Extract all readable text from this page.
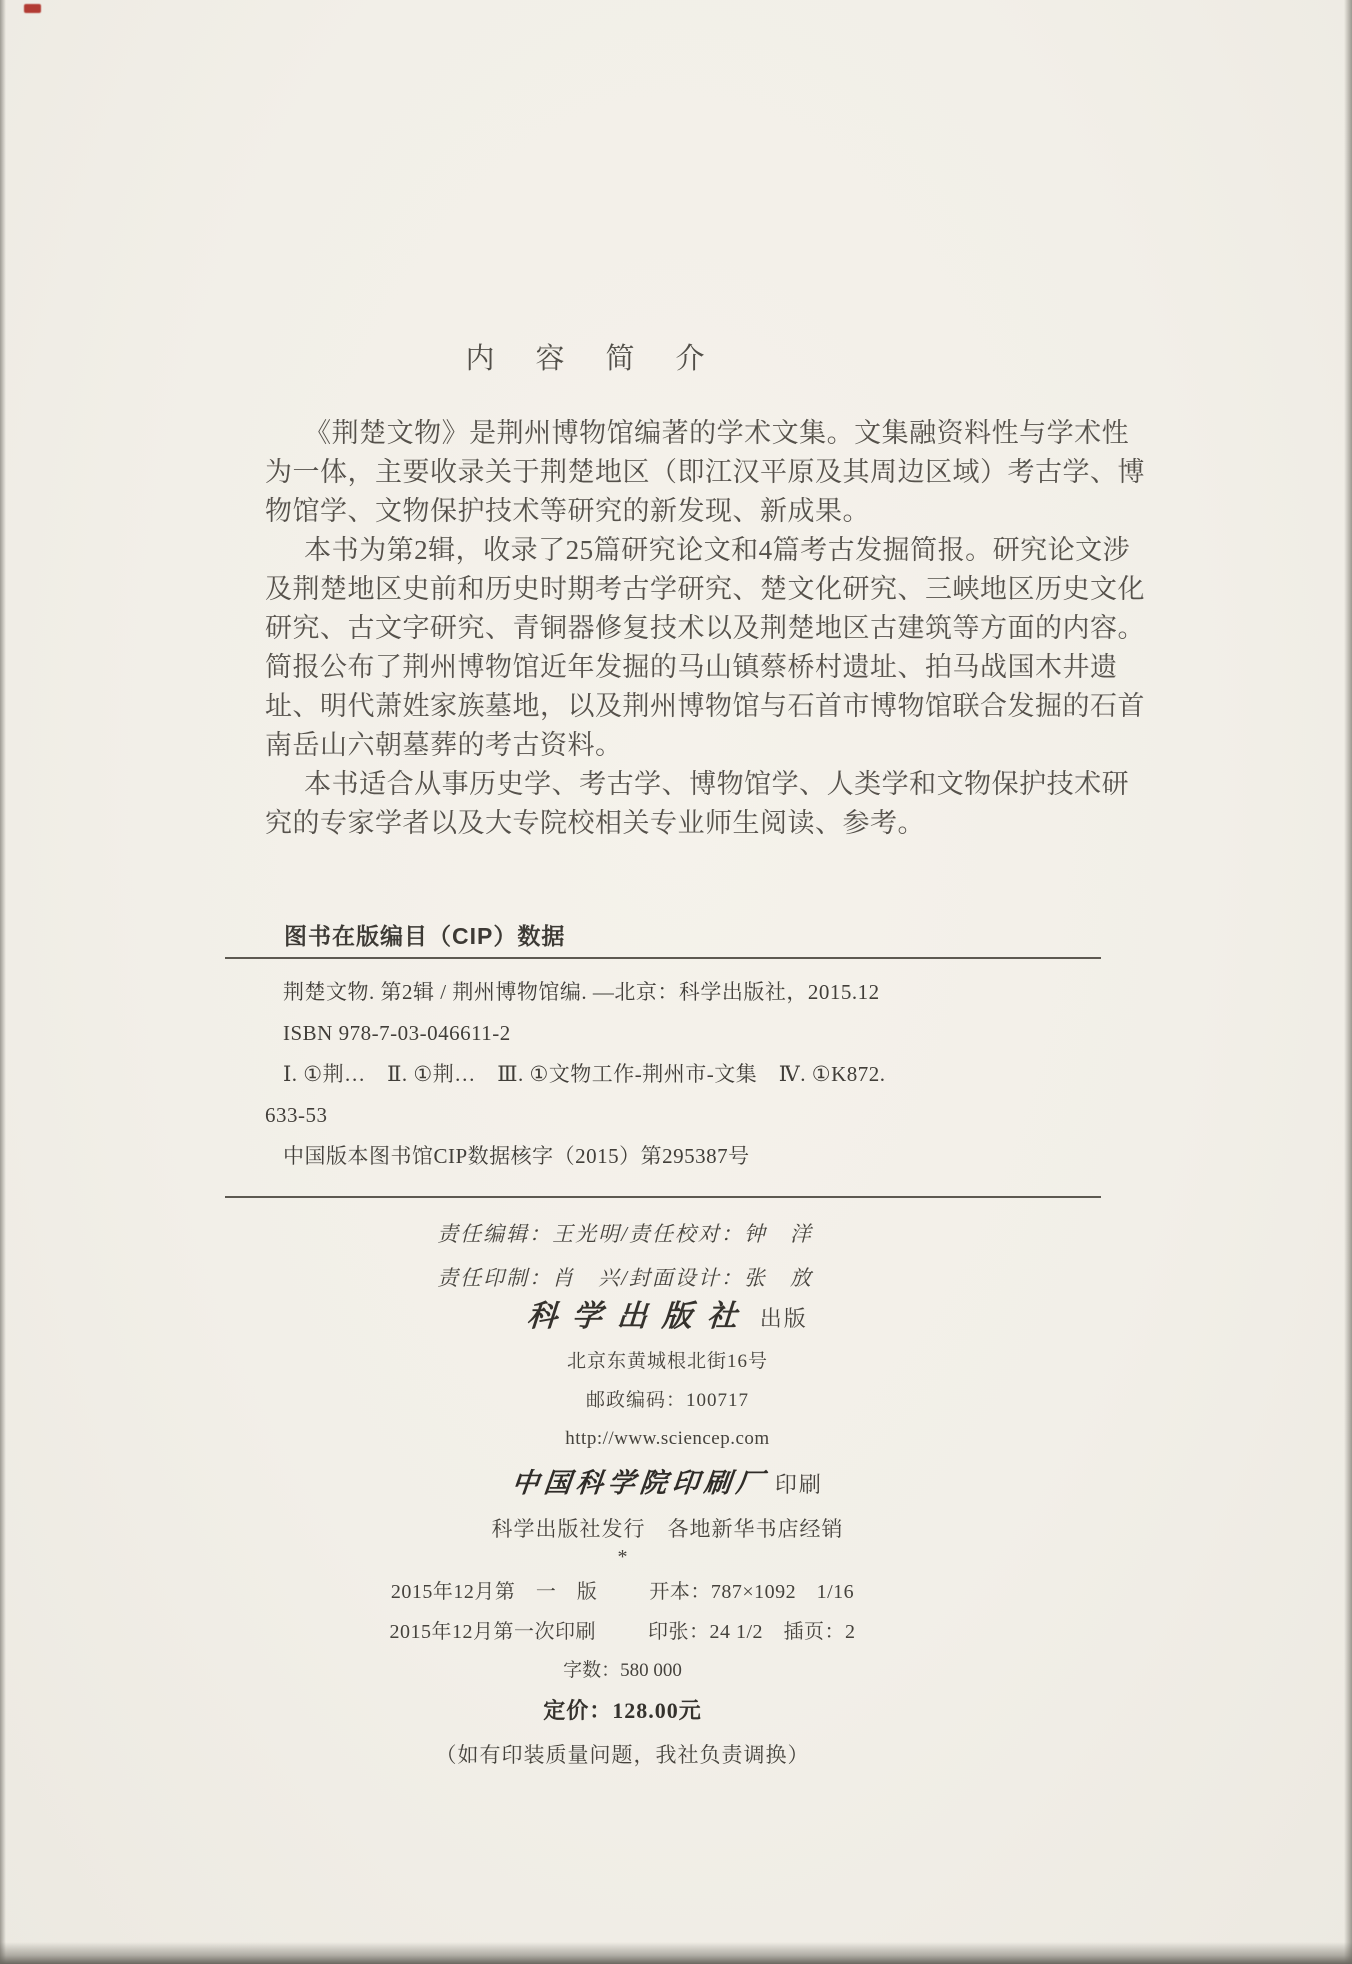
内　容　简　介
《荆楚文物》是荆州博物馆编著的学术文集。文集融资料性与学术性
为一体，主要收录关于荆楚地区（即江汉平原及其周边区域）考古学、博
物馆学、文物保护技术等研究的新发现、新成果。
本书为第2辑，收录了25篇研究论文和4篇考古发掘简报。研究论文涉
及荆楚地区史前和历史时期考古学研究、楚文化研究、三峡地区历史文化
研究、古文字研究、青铜器修复技术以及荆楚地区古建筑等方面的内容。
简报公布了荆州博物馆近年发掘的马山镇蔡桥村遗址、拍马战国木井遗
址、明代萧姓家族墓地，以及荆州博物馆与石首市博物馆联合发掘的石首
南岳山六朝墓葬的考古资料。
本书适合从事历史学、考古学、博物馆学、人类学和文物保护技术研
究的专家学者以及大专院校相关专业师生阅读、参考。
图书在版编目（CIP）数据
荆楚文物. 第2辑 / 荆州博物馆编. —北京：科学出版社，2015.12
ISBN 978-7-03-046611-2
Ⅰ. ①荆…　Ⅱ. ①荆…　Ⅲ. ①文物工作-荆州市-文集　Ⅳ. ①K872.
633-53
中国版本图书馆CIP数据核字（2015）第295387号
责任编辑：王光明/责任校对：钟　洋
责任印制：肖　兴/封面设计：张　放
科学出版社 出版
北京东黄城根北街16号
邮政编码：100717
http://www.sciencep.com
中国科学院印刷厂 印刷
科学出版社发行　各地新华书店经销
*
2015年12月第　一　版	开本：787×1092　1/16
2015年12月第一次印刷	印张：24 1/2　插页：2
字数：580 000
定价：128.00元
（如有印装质量问题，我社负责调换）
